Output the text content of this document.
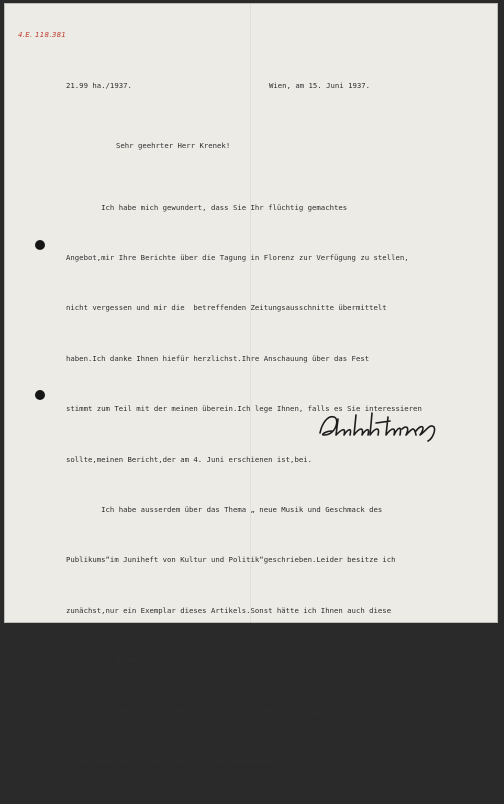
4.E. 118.381
21.99 ha./1937.	Wien, am 15. Juni 1937.
Sehr geehrter Herr Krenek!

Ich habe mich gewundert, dass Sie Ihr flüchtig gemachtes

Angebot,mir Ihre Berichte über die Tagung in Florenz zur Verfügung zu stellen,

nicht vergessen und mir die  betreffenden Zeitungsausschnitte übermittelt

haben.Ich danke Ihnen hiefür herzlichst.Ihre Anschauung über das Fest

stimmt zum Teil mit der meinen überein.Ich lege Ihnen, falls es Sie interessieren

sollte,meinen Bericht,der am 4. Juni erschienen ist,bei.

Ich habe ausserdem über das Thema „ neue Musik und Geschmack des

Publikums“im Juniheft von Kultur und Politik“geschrieben.Leider besitze ich

zunächst,nur ein Exemplar dieses Artikels.Sonst hätte ich Ihnen auch diese

Ausführung übermittelt.

Ich begrüsse Sie herzlichst,wünsche Ihnen Glück auf Ihrer Reise

in die„neue Welt“ und bleibe Ihr sehr ergebener
